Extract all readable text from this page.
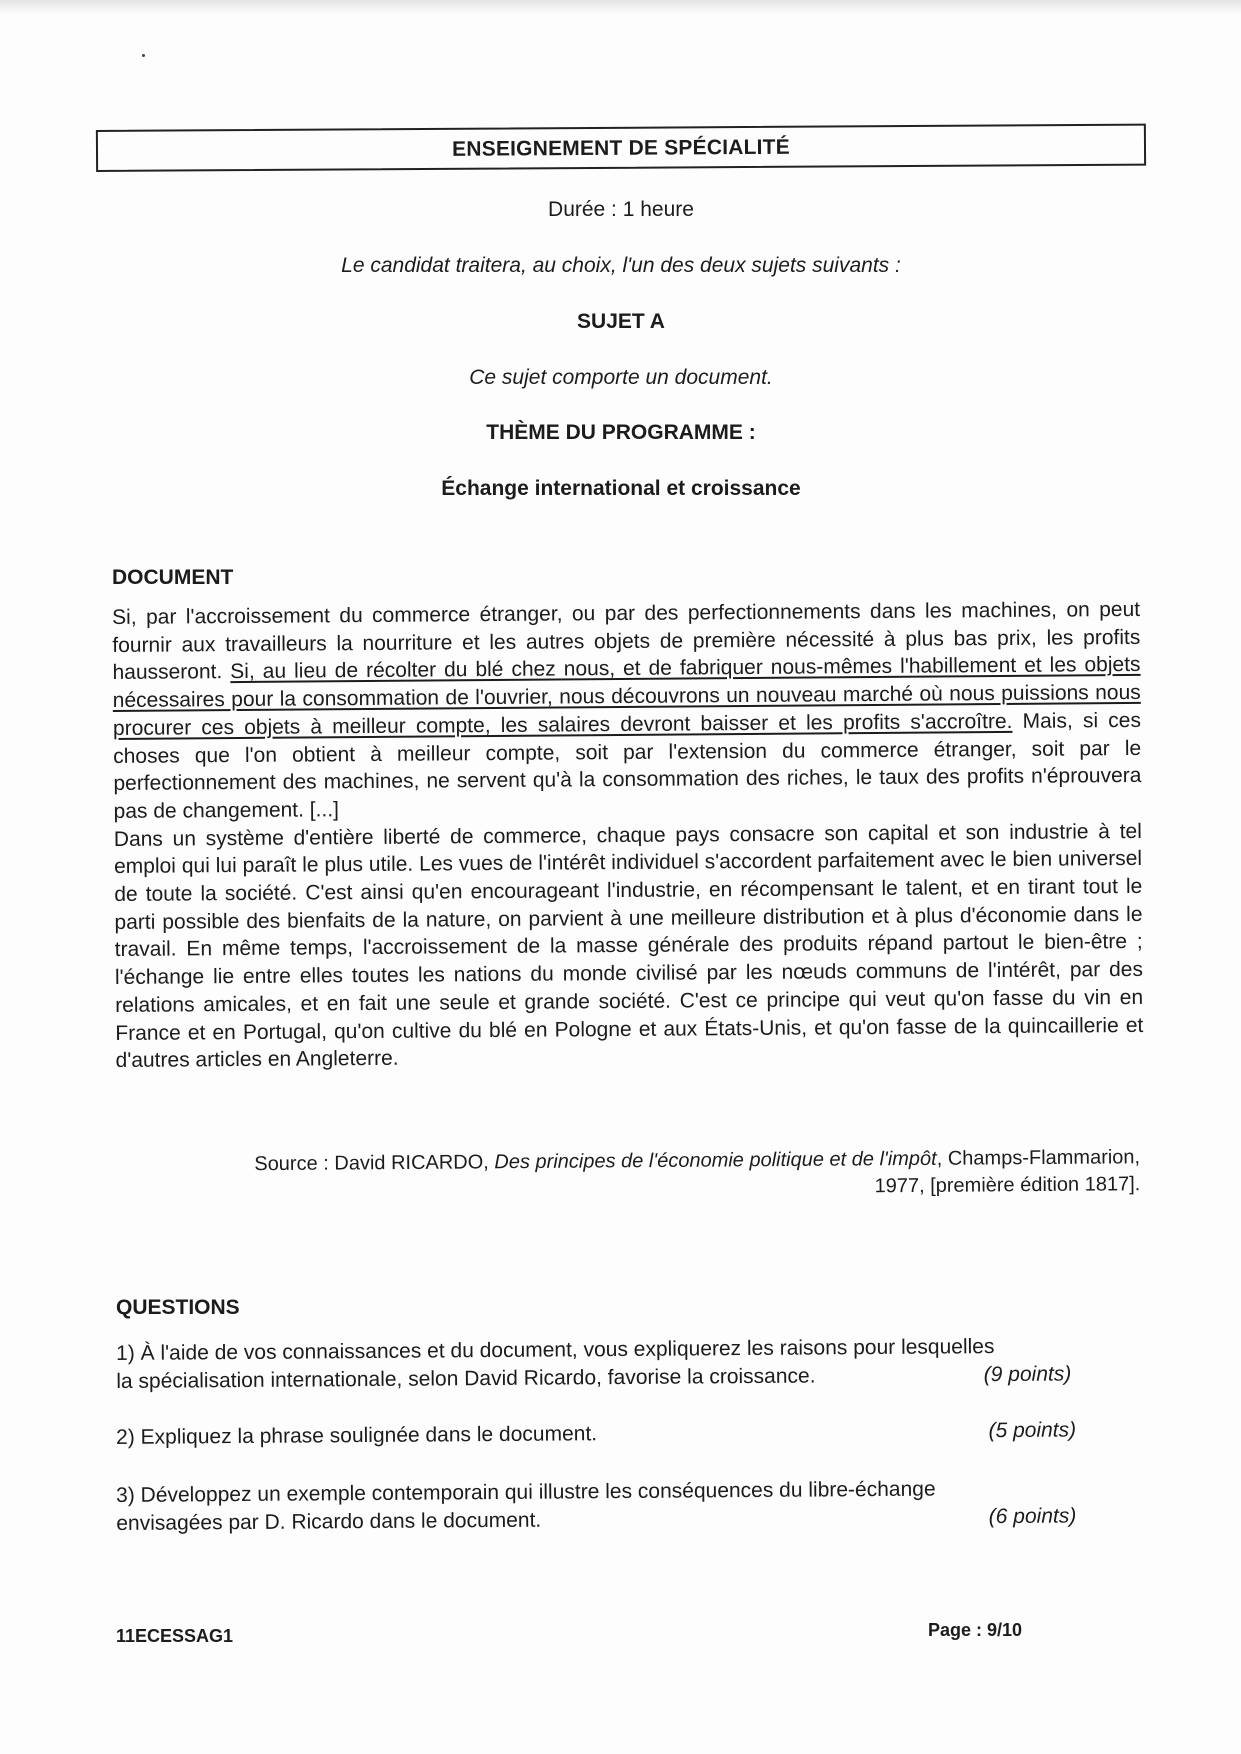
ENSEIGNEMENT DE SPÉCIALITÉ
Durée : 1 heure
Le candidat traitera, au choix, l'un des deux sujets suivants :
SUJET A
Ce sujet comporte un document.
THÈME DU PROGRAMME :
Échange international et croissance
DOCUMENT

Si, par l'accroissement du commerce étranger, ou par des perfectionnements dans les machines, on peut fournir aux travailleurs la nourriture et les autres objets de première nécessité à plus bas prix, les profits hausseront. Si, au lieu de récolter du blé chez nous, et de fabriquer nous-mêmes l'habillement et les objets nécessaires pour la consommation de l'ouvrier, nous découvrons un nouveau marché où nous puissions nous procurer ces objets à meilleur compte, les salaires devront baisser et les profits s'accroître. Mais, si ces choses que l'on obtient à meilleur compte, soit par l'extension du commerce étranger, soit par le perfectionnement des machines, ne servent qu'à la consommation des riches, le taux des profits n'éprouvera pas de changement. [...]

Dans un système d'entière liberté de commerce, chaque pays consacre son capital et son industrie à tel emploi qui lui paraît le plus utile. Les vues de l'intérêt individuel s'accordent parfaitement avec le bien universel de toute la société. C'est ainsi qu'en encourageant l'industrie, en récompensant le talent, et en tirant tout le parti possible des bienfaits de la nature, on parvient à une meilleure distribution et à plus d'économie dans le travail. En même temps, l'accroissement de la masse générale des produits répand partout le bien-être ; l'échange lie entre elles toutes les nations du monde civilisé par les nœuds communs de l'intérêt, par des relations amicales, et en fait une seule et grande société. C'est ce principe qui veut qu'on fasse du vin en France et en Portugal, qu'on cultive du blé en Pologne et aux États-Unis, et qu'on fasse de la quincaillerie et d'autres articles en Angleterre.

Source : David RICARDO, Des principes de l'économie politique et de l'impôt, Champs-Flammarion,
1977, [première édition 1817].
QUESTIONS
1) À l'aide de vos connaissances et du document, vous expliquerez les raisons pour lesquelles
la spécialisation internationale, selon David Ricardo, favorise la croissance.	(9 points)
2) Expliquez la phrase soulignée dans le document.	(5 points)
3) Développez un exemple contemporain qui illustre les conséquences du libre-échange
envisagées par D. Ricardo dans le document.	(6 points)
11ECESSAG1	Page : 9/10
